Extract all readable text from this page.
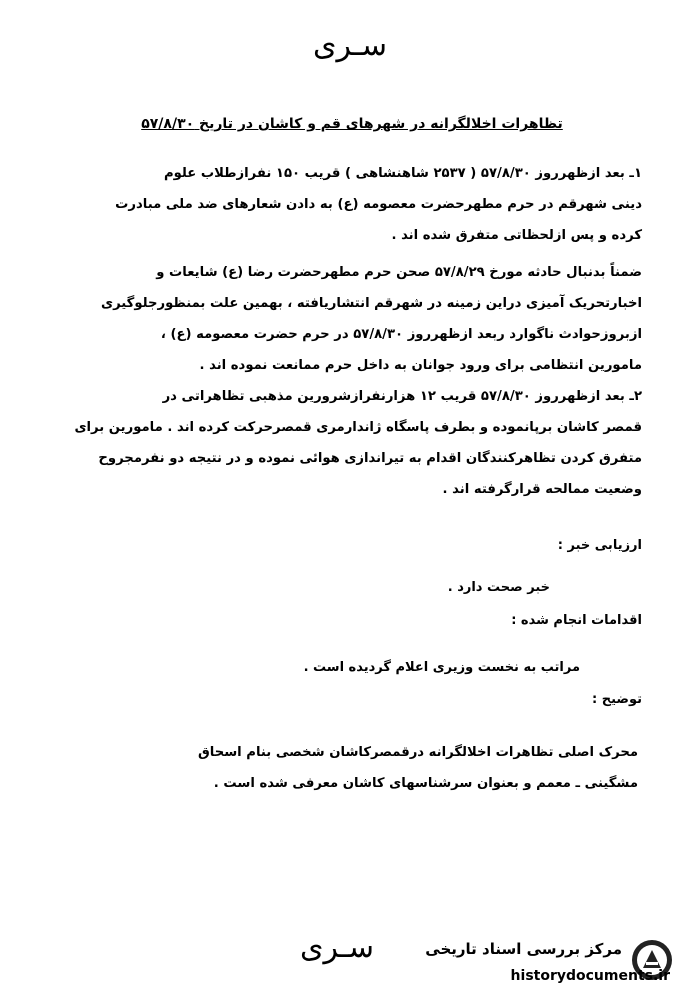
سـری
تظاهرات اخلالگرانه در شهرهای قم و کاشان در تاریخ ۵۷/۸/۳۰
۱ـ بعد ازظهرروز ۵۷/۸/۳۰ ( ۲۵۳۷ شاهنشاهی ) قریب ۱۵۰ نفرازطلاب علوم
دینی شهرقم در حرم مطهرحضرت معصومه (ع) به دادن شعارهای ضد ملی مبادرت
کرده و پس ازلحظاتی متفرق شده اند .
ضمناً بدنبال حادثه مورخ ۵۷/۸/۲۹ صحن حرم مطهرحضرت رضا (ع) شایعات و
اخبارتحریک آمیزی دراین زمینه در شهرقم انتشاریافته ، بهمین علت بمنظورجلوگیری
ازبروزحوادث ناگوارد ربعد ازظهرروز ۵۷/۸/۳۰ در حرم حضرت معصومه (ع) ،
مامورین انتظامی برای ورود جوانان به داخل حرم ممانعت نموده اند .
۲ـ بعد ازظهرروز ۵۷/۸/۳۰ قریب ۱۲ هزارنفرازشرورین مذهبی تظاهراتی در
قمصر کاشان برپانموده و بطرف پاسگاه ژاندارمری قمصرحرکت کرده اند . مامورین برای
متفرق کردن تظاهرکنندگان اقدام به تیراندازی هوائی نموده و در نتیجه دو نفرمجروح
وضعیت ممالحه قرارگرفته اند .
ارزیابی خبر :
خبر صحت دارد .
اقدامات انجام شده :
مراتب به نخست وزیری اعلام گردیده است .
توضیح :
محرک اصلی تظاهرات اخلالگرانه درقمصرکاشان شخصی بنام اسحاق
مشگینی ـ معمم و بعنوان سرشناسهای کاشان معرفی شده است .
سـری	مرکز بررسی اسناد تاریخی
historydocuments.ir
